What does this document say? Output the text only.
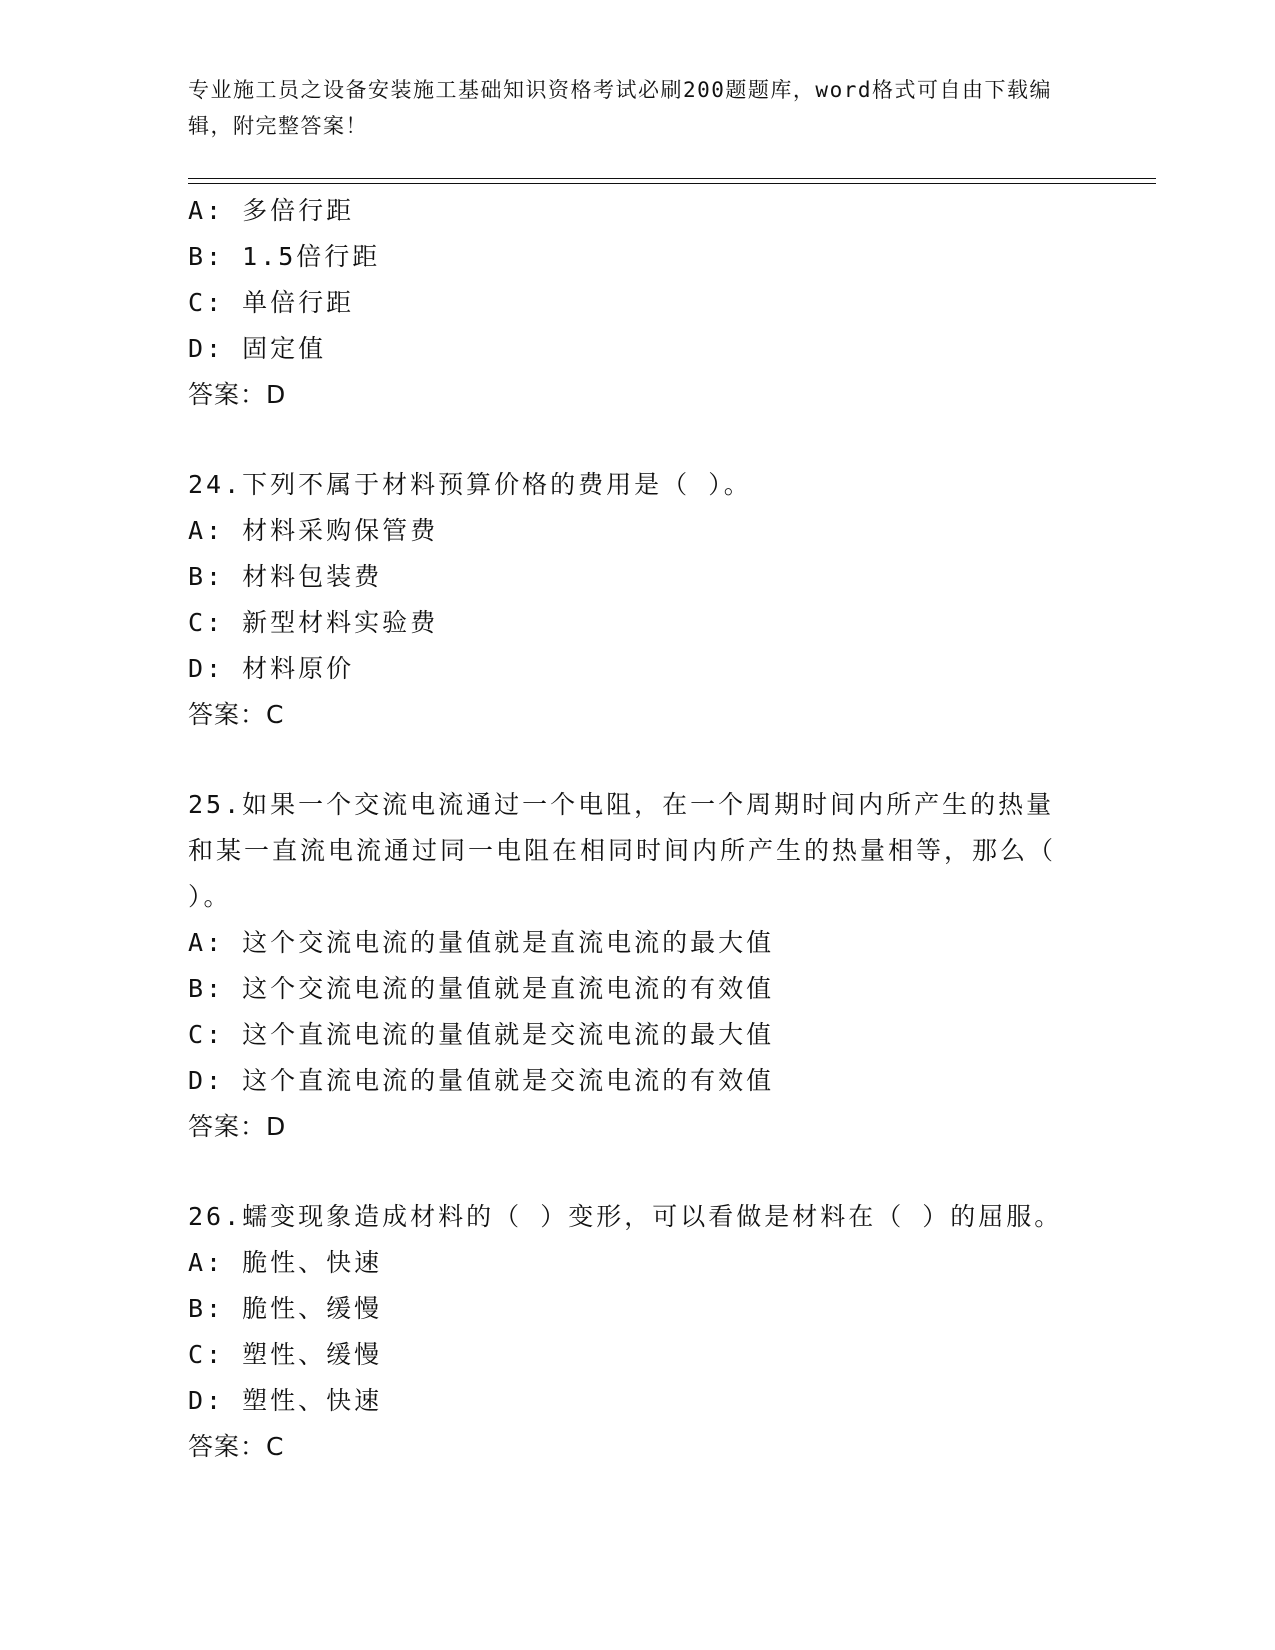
专业施工员之设备安装施工基础知识资格考试必刷200题题库，word格式可自由下载编辑，附完整答案！
A: 多倍行距
B: 1.5倍行距
C: 单倍行距
D: 固定值
答案：D
24.下列不属于材料预算价格的费用是（ ）。
A: 材料采购保管费
B: 材料包装费
C: 新型材料实验费
D: 材料原价
答案：C
25.如果一个交流电流通过一个电阻，在一个周期时间内所产生的热量和某一直流电流通过同一电阻在相同时间内所产生的热量相等，那么（ ）。
A: 这个交流电流的量值就是直流电流的最大值
B: 这个交流电流的量值就是直流电流的有效值
C: 这个直流电流的量值就是交流电流的最大值
D: 这个直流电流的量值就是交流电流的有效值
答案：D
26.蠕变现象造成材料的（ ）变形，可以看做是材料在（ ）的屈服。
A: 脆性、快速
B: 脆性、缓慢
C: 塑性、缓慢
D: 塑性、快速
答案：C
